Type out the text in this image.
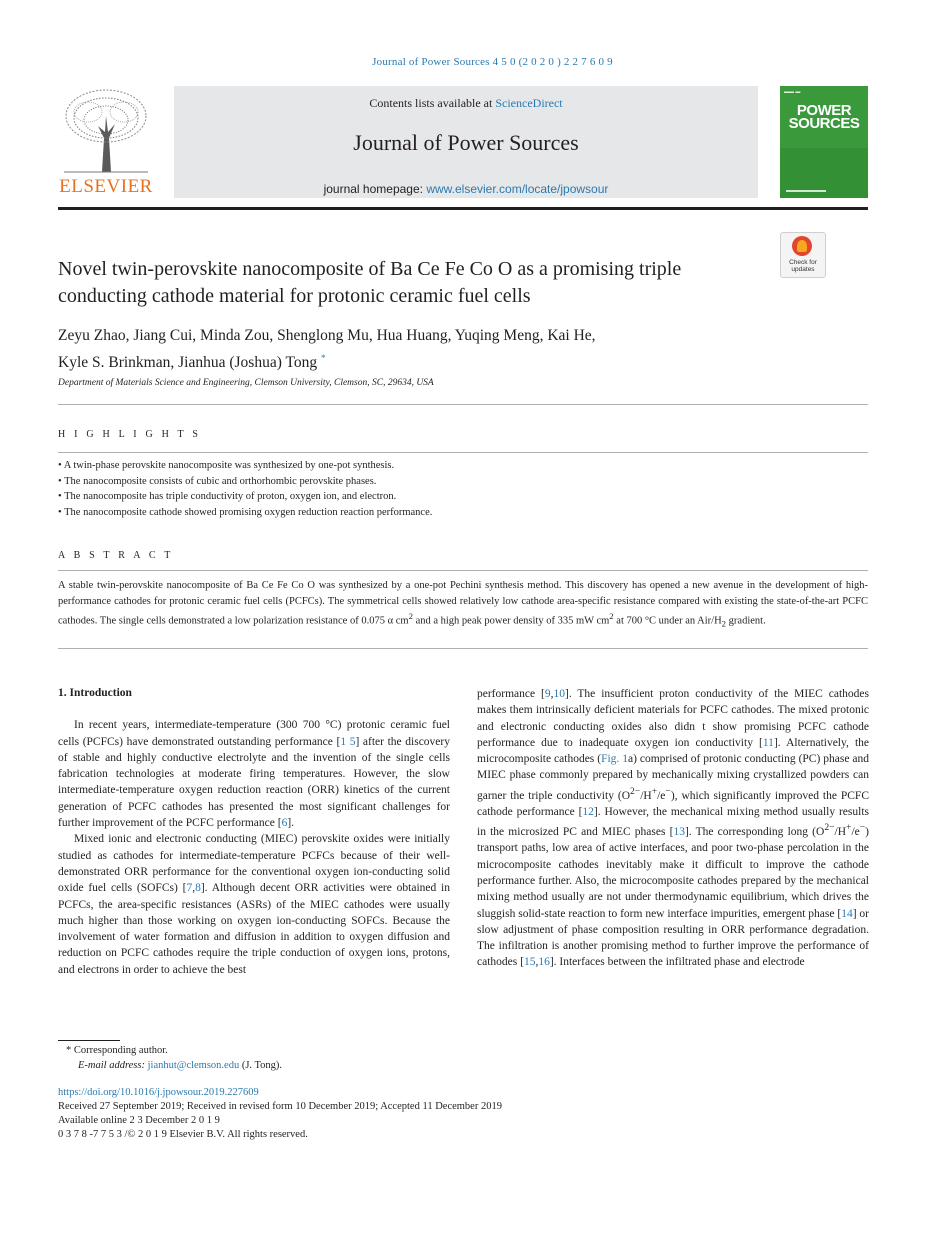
Journal of Power Sources 4 5 0 (2 0 2 0 ) 2 2 7 6 0 9
ELSEVIER
Contents lists available at ScienceDirect
Journal of Power Sources
journal homepage: www.elsevier.com/locate/jpowsour
▬▬ ▬
POWER SOURCES
Check for updates
Novel twin-perovskite nanocomposite of Ba Ce Fe Co O as a promising triple conducting cathode material for protonic ceramic fuel cells
Zeyu Zhao, Jiang Cui, Minda Zou, Shenglong Mu, Hua Huang, Yuqing Meng, Kai He,
Kyle S. Brinkman, Jianhua (Joshua) Tong *
Department of Materials Science and Engineering, Clemson University, Clemson, SC, 29634, USA
H I G H L I G H T S
• A twin-phase perovskite nanocomposite was synthesized by one-pot synthesis.
• The nanocomposite consists of cubic and orthorhombic perovskite phases.
• The nanocomposite has triple conductivity of proton, oxygen ion, and electron.
• The nanocomposite cathode showed promising oxygen reduction reaction performance.
A B S T R A C T

A stable twin-perovskite nanocomposite of Ba Ce Fe Co O was synthesized by a one-pot Pechini synthesis method. This discovery has opened a new avenue in the development of high-performance cathodes for protonic ceramic fuel cells (PCFCs). The symmetrical cells showed relatively low cathode area-specific resistance compared with existing the state-of-the-art PCFC cathodes. The single cells demonstrated a low polarization resistance of 0.075 α $cm^2$ and a high peak power density of 335 mW $cm^2$ at 700 °C under an Air/$H_2$ gradient.

1. Introduction

In recent years, intermediate-temperature (300 700 °C) protonic ceramic fuel cells (PCFCs) have demonstrated outstanding performance [1 5] after the discovery of stable and highly conductive electrolyte and the invention of the single cells fabrication technologies at moderate firing temperatures. However, the slow intermediate-temperature oxygen reduction reaction (ORR) kinetics of the current generation of PCFC cathodes has presented the most significant challenges for further improvement of the PCFC performance [6].

Mixed ionic and electronic conducting (MIEC) perovskite oxides were initially studied as cathodes for intermediate-temperature PCFCs because of their well-demonstrated ORR performance for the conventional oxygen ion-conducting solid oxide fuel cells (SOFCs) [7,8]. Although decent ORR activities were obtained in PCFCs, the area-specific resistances (ASRs) of the MIEC cathodes were usually much higher than those working on oxygen ion-conducting SOFCs. Because the involvement of water formation and diffusion in addition to oxygen diffusion and reduction on PCFC cathodes require the triple conduction of oxygen ions, protons, and electrons in order to achieve the best

performance [9,10]. The insufficient proton conductivity of the MIEC cathodes makes them intrinsically deficient materials for PCFC cathodes. The mixed protonic and electronic conducting oxides also didn t show promising PCFC cathode performance due to inadequate oxygen ion conductivity [11]. Alternatively, the microcomposite cathodes (Fig. 1a) comprised of protonic conducting (PC) phase and MIEC phase commonly prepared by mechanically mixing crystallized powders can garner the triple conductivity $(O^{2-}/H^+/e^-)$, which significantly improved the PCFC cathode performance [12]. However, the mechanical mixing method usually results in the microsized PC and MIEC phases [13]. The corresponding long $(O^{2-}/H^+/e^-)$ transport paths, low area of active interfaces, and poor two-phase percolation in the microcomposite cathodes inevitably make it difficult to improve the cathode performance further. Also, the microcomposite cathodes prepared by the mechanical mixing method usually are not under thermodynamic equilibrium, which drives the sluggish solid-state reaction to form new interface impurities, emergent phase [14] or slow adjustment of phase composition resulting in ORR performance degradation. The infiltration is another promising method to further improve the performance of cathodes [15,16]. Interfaces between the infiltrated phase and electrode

* Corresponding author.
E-mail address: jianhut@clemson.edu (J. Tong).
https://doi.org/10.1016/j.jpowsour.2019.227609
Received 27 September 2019; Received in revised form 10 December 2019; Accepted 11 December 2019
Available online 2 3 December 2 0 1 9
0 3 7 8 -7 7 5 3 /© 2 0 1 9 Elsevier B.V. All rights reserved.
